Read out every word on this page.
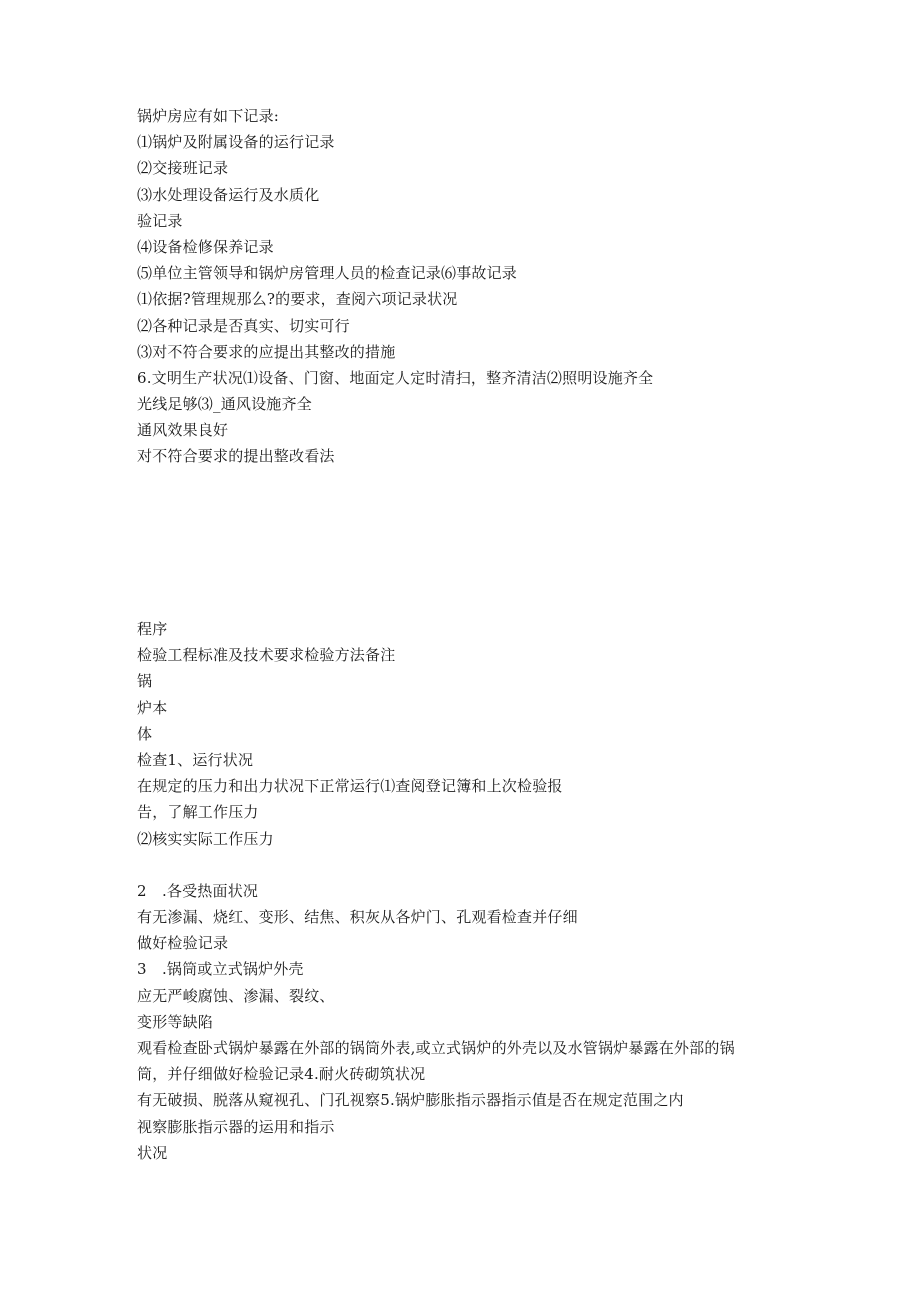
锅炉房应有如下记录:
⑴锅炉及附属设备的运行记录
⑵交接班记录
⑶水处理设备运行及水质化
验记录
⑷设备检修保养记录
⑸单位主管领导和锅炉房管理人员的检查记录⑹事故记录
⑴依据?管理规那么?的要求，查阅六项记录状况
⑵各种记录是否真实、切实可行
⑶对不符合要求的应提出其整改的措施
6.文明生产状况⑴设备、门窗、地面定人定时清扫，整齐清洁⑵照明设施齐全
光线足够⑶_通风设施齐全
通风效果良好
对不符合要求的提出整改看法
程序
检验工程标准及技术要求检验方法备注
锅
炉本
体
检查1、运行状况
在规定的压力和出力状况下正常运行⑴查阅登记簿和上次检验报
告，了解工作压力
⑵核实实际工作压力
2　.各受热面状况
有无渗漏、烧红、变形、结焦、积灰从各炉门、孔观看检查并仔细
做好检验记录
3　.锅筒或立式锅炉外壳
应无严峻腐蚀、渗漏、裂纹、
变形等缺陷
观看检查卧式锅炉暴露在外部的锅筒外表,或立式锅炉的外壳以及水管锅炉暴露在外部的锅
筒，并仔细做好检验记录4.耐火砖砌筑状况
有无破损、脱落从窥视孔、门孔视察5.锅炉膨胀指示器指示值是否在规定范围之内
视察膨胀指示器的运用和指示
状况
